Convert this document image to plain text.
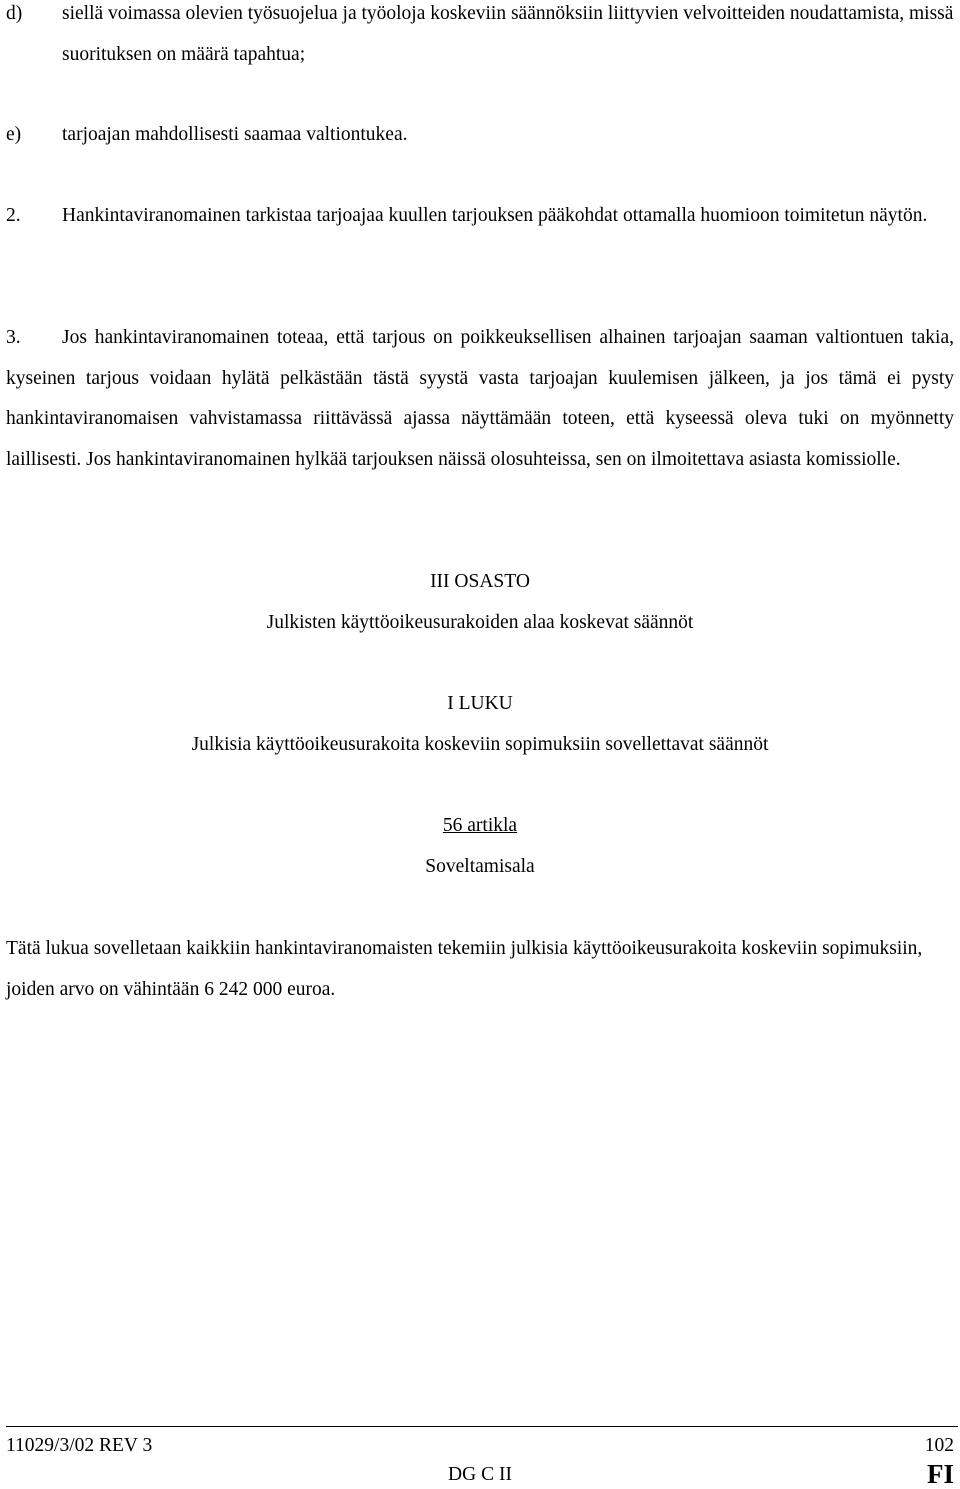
d) siellä voimassa olevien työsuojelua ja työoloja koskeviin säännöksiin liittyvien velvoitteiden noudattamista, missä suorituksen on määrä tapahtua;
e) tarjoajan mahdollisesti saamaa valtiontukea.
2. Hankintaviranomainen tarkistaa tarjoajaa kuullen tarjouksen pääkohdat ottamalla huomioon toimitetun näytön.
3. Jos hankintaviranomainen toteaa, että tarjous on poikkeuksellisen alhainen tarjoajan saaman valtiontuen takia, kyseinen tarjous voidaan hylätä pelkästään tästä syystä vasta tarjoajan kuulemisen jälkeen, ja jos tämä ei pysty hankintaviranomaisen vahvistamassa riittävässä ajassa näyttämään toteen, että kyseessä oleva tuki on myönnetty laillisesti. Jos hankintaviranomainen hylkää tarjouksen näissä olosuhteissa, sen on ilmoitettava asiasta komissiolle.
III OSASTO
Julkisten käyttöoikeusurakoiden alaa koskevat säännöt
I LUKU
Julkisia käyttöoikeusurakoita koskeviin sopimuksiin sovellettavat säännöt
56 artikla
Soveltamisala
Tätä lukua sovelletaan kaikkiin hankintaviranomaisten tekemiin julkisia käyttöoikeusurakoita koskeviin sopimuksiin, joiden arvo on vähintään 6 242 000 euroa.
11029/3/02 REV 3	102
DG C II	FI
